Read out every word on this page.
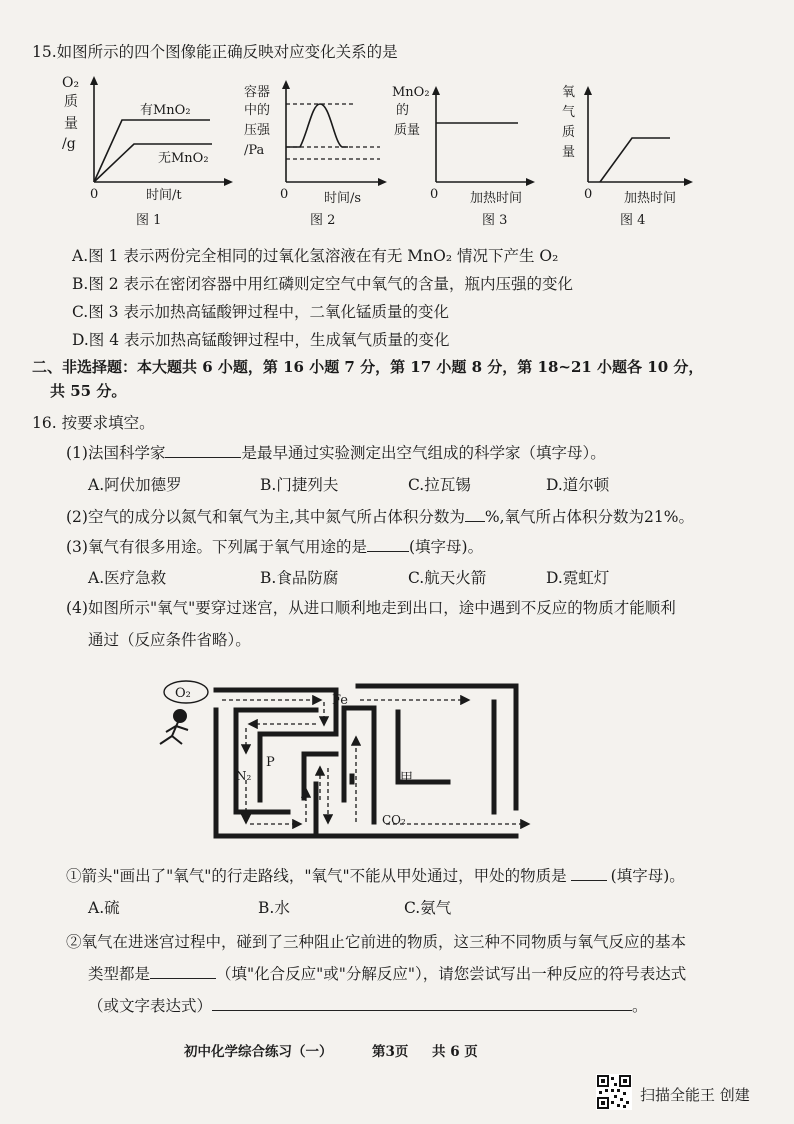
15.如图所示的四个图像能正确反映对应变化关系的是
O₂
质
量
/g
有MnO₂
无MnO₂
0	时间/t
图 1
容器
中的
压强
/Pa
0	时间/s
图 2
MnO₂
的
质量
0 加热时间
图 3
氧
气
质
量
0 加热时间
图 4
A.图 1 表示两份完全相同的过氧化氢溶液在有无 MnO₂ 情况下产生 O₂
B.图 2 表示在密闭容器中用红磷则定空气中氧气的含量，瓶内压强的变化
C.图 3 表示加热高锰酸钾过程中，二氧化锰质量的变化
D.图 4 表示加热高锰酸钾过程中，生成氧气质量的变化
二、非选择题：本大题共 6 小题，第 16 小题 7 分，第 17 小题 8 分，第 18~21 小题各 10 分，
共 55 分。
16. 按要求填空。
(1)法国科学家	是最早通过实验测定出空气组成的科学家（填字母）。
A.阿伏加德罗	B.门捷列夫	C.拉瓦锡	D.道尔顿
(2)空气的成分以氮气和氧气为主,其中氮气所占体积分数为 %,氧气所占体积分数为21%。
(3)氧气有很多用途。下列属于氧气用途的是	(填字母)。
A.医疗急救	B.食品防腐	C.航天火箭	D.霓虹灯
(4)如图所示"氧气"要穿过迷宫，从进口顺利地走到出口，途中遇到不反应的物质才能顺利
通过（反应条件省略）。
O₂	Fe
P
N₂	甲
CO₂
①箭头"画出了"氧气"的行走路线，"氧气"不能从甲处通过，甲处的物质是	(填字母)。
A.硫	B.水	C.氨气
②氧气在进迷宫过程中，碰到了三种阻止它前进的物质，这三种不同物质与氧气反应的基本
类型都是	（填"化合反应"或"分解反应"），请您尝试写出一种反应的符号表达式
（或文字表达式）	。
初中化学综合练习（一）	第3页 共 6 页
扫描全能王 创建
